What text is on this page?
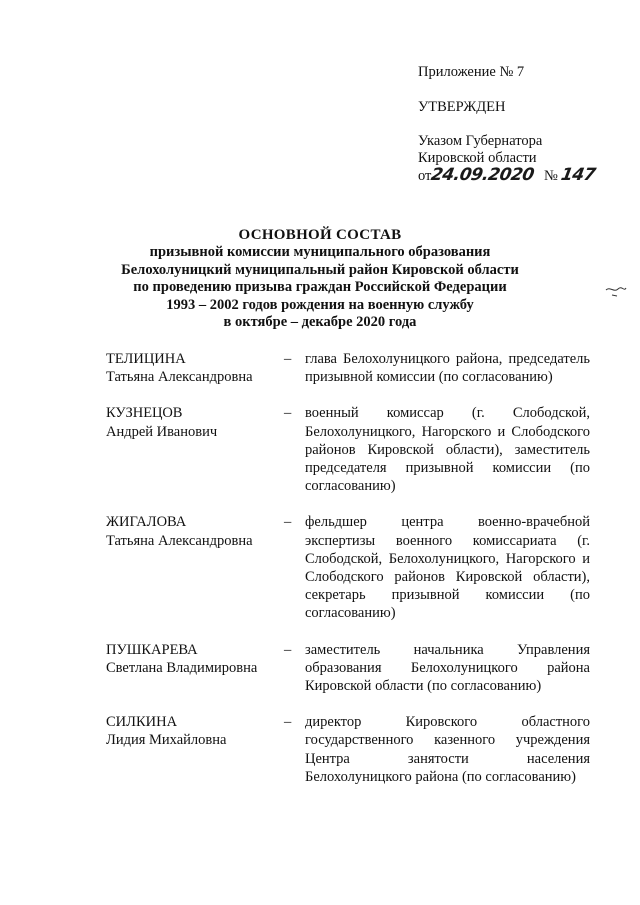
Приложение № 7
УТВЕРЖДЕН
Указом Губернатора
Кировской области
от24.09.2020 № 147
ОСНОВНОЙ СОСТАВ
призывной комиссии муниципального образования
Белохолуницкий муниципальный район Кировской области
по проведению призыва граждан Российской Федерации
1993 – 2002 годов рождения на военную службу
в октябре – декабре 2020 года
ТЕЛИЦИНА
Татьяна Александровна
– глава Белохолуницкого района, председатель призывной комиссии (по согласованию)
КУЗНЕЦОВ
Андрей Иванович
– военный комиссар (г. Слободской, Белохолуницкого, Нагорского и Слободского районов Кировской области), заместитель председателя призывной комиссии (по согласованию)
ЖИГАЛОВА
Татьяна Александровна
– фельдшер центра военно-врачебной экспертизы военного комиссариата (г. Слободской, Белохолуницкого, Нагорского и Слободского районов Кировской области), секретарь призывной комиссии (по согласованию)
ПУШКАРЕВА
Светлана Владимировна
– заместитель начальника Управления образования Белохолуницкого района Кировской области (по согласованию)
СИЛКИНА
Лидия Михайловна
– директор Кировского областного государственного казенного учреждения Центра занятости населения Белохолуницкого района (по согласованию)
